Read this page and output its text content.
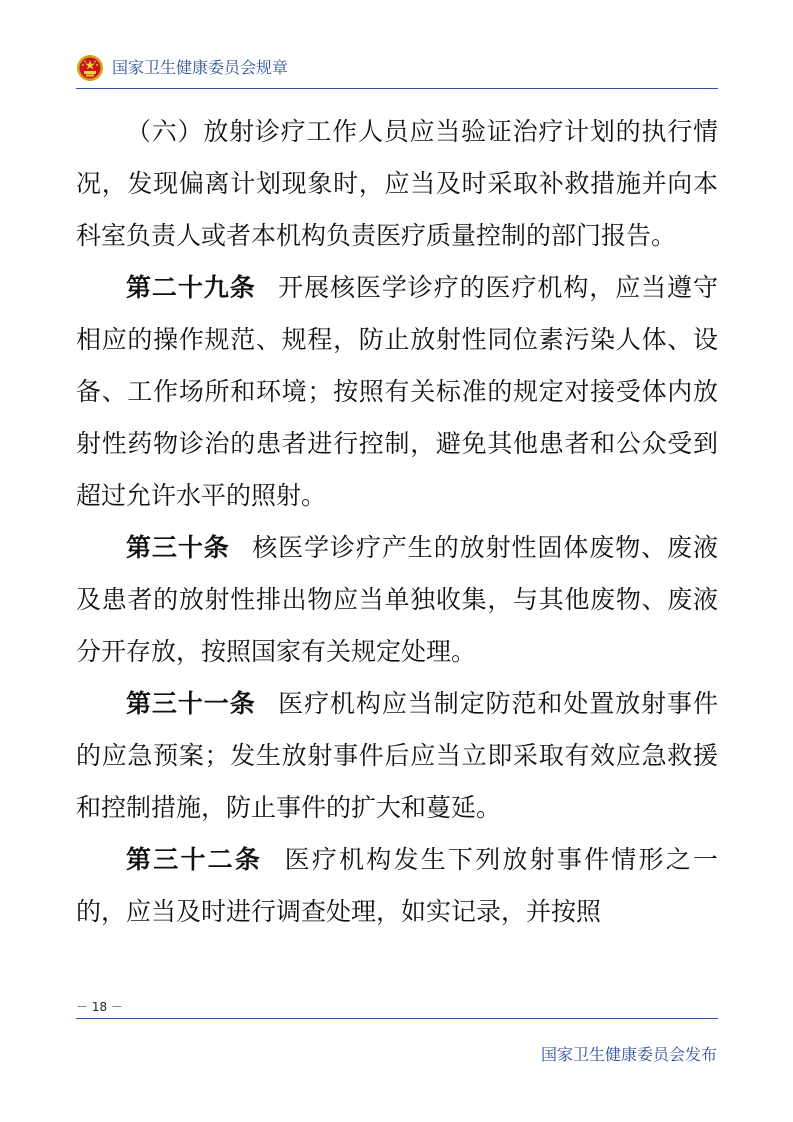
国家卫生健康委员会规章

（六）放射诊疗工作人员应当验证治疗计划的执行情况，发现偏离计划现象时，应当及时采取补救措施并向本科室负责人或者本机构负责医疗质量控制的部门报告。

第二十九条 开展核医学诊疗的医疗机构，应当遵守相应的操作规范、规程，防止放射性同位素污染人体、设备、工作场所和环境；按照有关标准的规定对接受体内放射性药物诊治的患者进行控制，避免其他患者和公众受到超过允许水平的照射。

第三十条 核医学诊疗产生的放射性固体废物、废液及患者的放射性排出物应当单独收集，与其他废物、废液分开存放，按照国家有关规定处理。

第三十一条 医疗机构应当制定防范和处置放射事件的应急预案；发生放射事件后应当立即采取有效应急救援和控制措施，防止事件的扩大和蔓延。

第三十二条 医疗机构发生下列放射事件情形之一的，应当及时进行调查处理，如实记录，并按照

－ 18 －
国家卫生健康委员会发布
